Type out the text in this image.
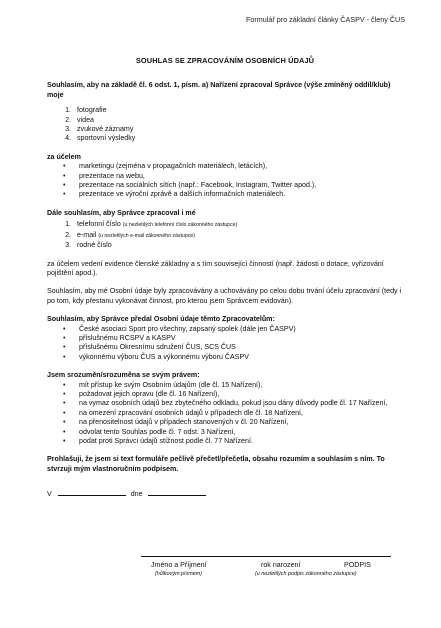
Formulář pro základní články ČASPV - členy ČUS

SOUHLAS SE ZPRACOVÁNÍM OSOBNÍCH ÚDAJŮ

Souhlasím, aby na základě čl. 6 odst. 1, písm. a) Nařízení zpracoval Správce (výše zmíněný oddíl/klub) moje

1. fotografie
2. videa
3. zvukové záznamy
4. sportovní výsledky

za účelem

• marketingu (zejména v propagačních materiálech, letácích),
• prezentace na webu,
• prezentace na sociálních sítích (např.: Facebook, Instagram, Twitter apod.),
• prezentace ve výroční zprávě a dalších informačních materiálech.

Dále souhlasím, aby Správce zpracoval i mé

1. telefonní číslo (u nezletilých telefonní číslo zákonného zástupce)
2. e-mail (u nezletilých e-mail zákonného zástupce)
3. rodné číslo

za účelem vedení evidence členské základny a s tím související činností (např. žádosti o dotace, vyřizování pojištění apod.).

Souhlasím, aby mé Osobní údaje byly zpracovávány a uchovávány po celou dobu trvání účelu zpracování (tedy i po tom, kdy přestanu vykonávat činnost, pro kterou jsem Správcem evidován).

Souhlasím, aby Správce předal Osobní údaje těmto Zpracovatelům:

• České asociaci Sport pro všechny, zapsaný spolek (dále jen ČASPV)
• příslušnému RCSPV a KASPV
• příslušnému Okresnímu sdružení ČUS, SCS ČUS
• výkonnému výboru ČUS a výkonnému výboru ČASPV

Jsem srozuměn/srozuměna se svým právem:

• mít přístup ke svým Osobním údajům (dle čl. 15 Nařízení),
• požadovat jejich opravu (dle čl. 16 Nařízení),
• na vymaz osobních údajů bez zbytečného odkladu, pokud jsou dány důvody podle čl. 17 Nařízení,
• na omezení zpracování osobních údajů v případech dle čl. 18 Nařízení,
• na přenositelnost údajů v případech stanovených v čl. 20 Nařízení,
• odvolat tento Souhlas podle čl. 7 odst. 3 Nařízení,
• podat proti Správci údajů stížnost podle čl. 77 Nařízení.

Prohlašuji, že jsem si text formuláře pečlivě přečetl/přečetla, obsahu rozumím a souhlasím s ním. To stvrzuji mým vlastnoručním podpisem.

V	dne

Jméno a Příjmení
(hůlkovým písmem)
rok narození	PODPIS
(u nezletilých podpis zákonného zástupce)
